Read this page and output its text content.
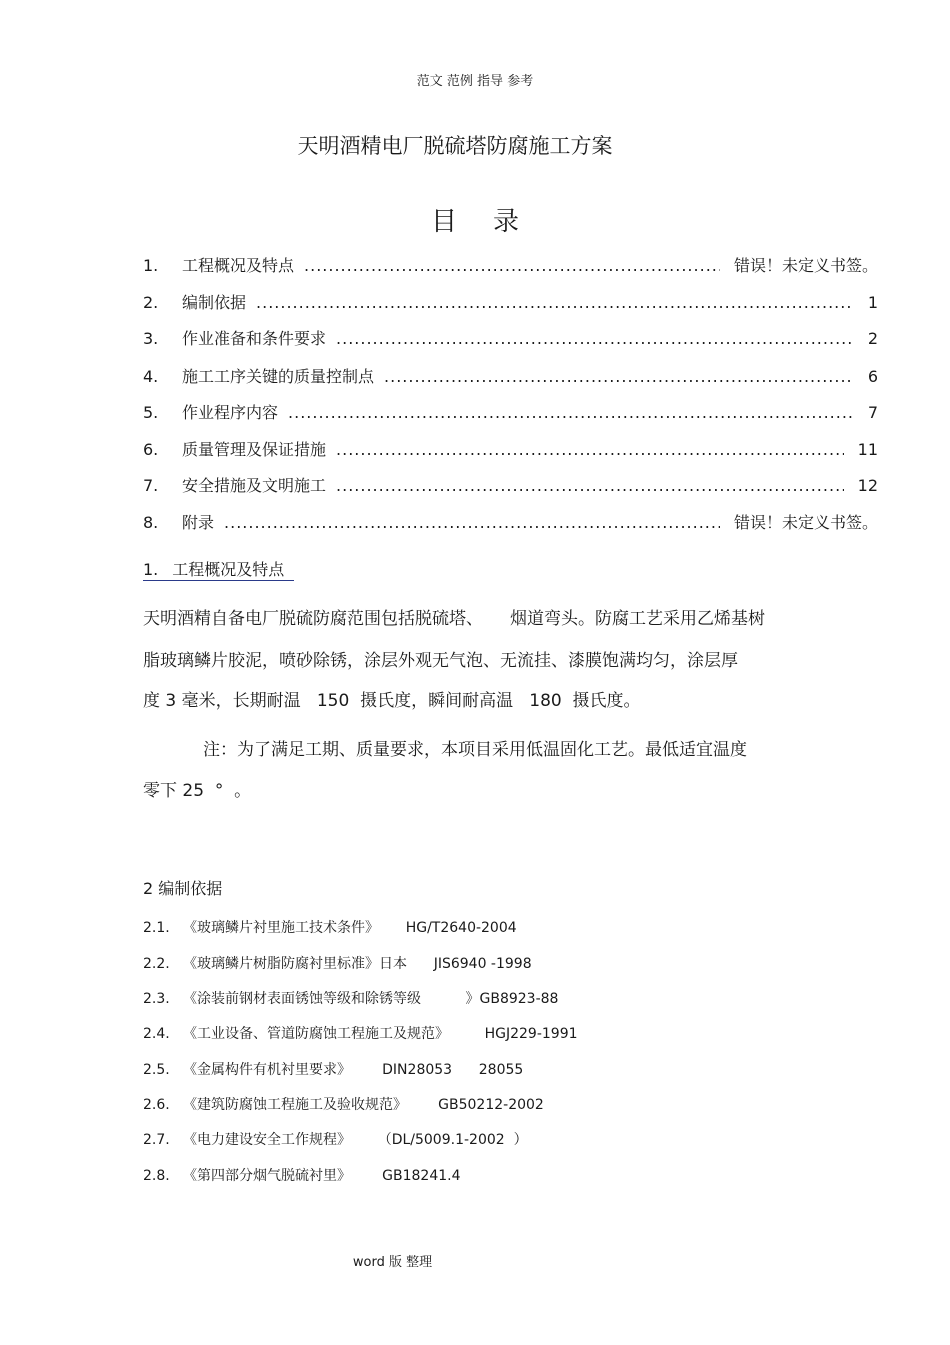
范文 范例 指导 参考
天明酒精电厂脱硫塔防腐施工方案
目录
1.	工程概况及特点 .....	错误！未定义书签。
2.	编制依据 .....	1
3.	作业准备和条件要求 .....	2
4.	施工工序关键的质量控制点 .....	6
5.	作业程序内容 .....	7
6.	质量管理及保证措施 .....	11
7.	安全措施及文明施工 .....	12
8.	附录 .....	错误！未定义书签。
1. 工程概况及特点
天明酒精自备电厂脱硫防腐范围包括脱硫塔、     烟道弯头。防腐工艺采用乙烯基树
脂玻璃鳞片胶泥，喷砂除锈，涂层外观无气泡、无流挂、漆膜饱满均匀，涂层厚
度 3 毫米，长期耐温   150  摄氏度，瞬间耐高温   180  摄氏度。
注：为了满足工期、质量要求，本项目采用低温固化工艺。最低适宜温度
零下 25  °  。
2 编制依据
2.1. 《玻璃鳞片衬里施工技术条件》      HG/T2640-2004
2.2. 《玻璃鳞片树脂防腐衬里标准》日本      JIS6940 -1998
2.3. 《涂装前钢材表面锈蚀等级和除锈等级          》GB8923-88
2.4. 《工业设备、管道防腐蚀工程施工及规范》        HGJ229-1991
2.5. 《金属构件有机衬里要求》       DIN28053      28055
2.6. 《建筑防腐蚀工程施工及验收规范》       GB50212-2002
2.7. 《电力建设安全工作规程》      （DL/5009.1-2002  ）
2.8. 《第四部分烟气脱硫衬里》       GB18241.4
word 版 整理
